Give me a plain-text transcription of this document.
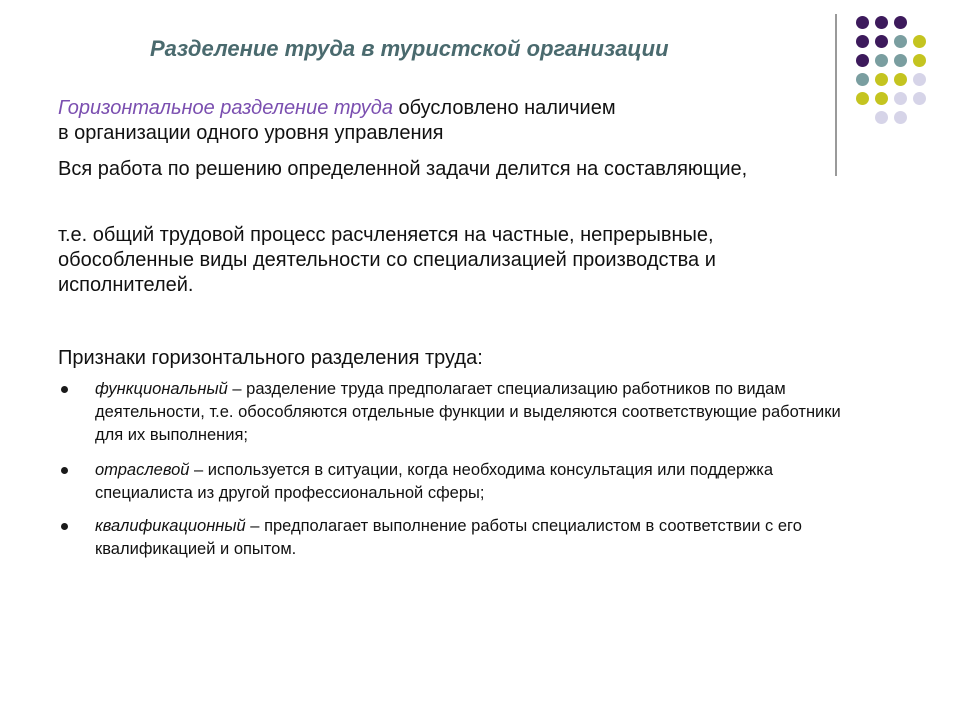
Разделение труда в туристской организации
Горизонтальное разделение труда обусловлено наличием
в организации одного уровня управления
Вся работа по решению определенной задачи делится на составляющие,
т.е. общий трудовой процесс расчленяется на частные, непрерывные, обособленные виды деятельности со специализацией производства и исполнителей.
Признаки горизонтального разделения труда:
функциональный – разделение труда предполагает специализацию работников по видам деятельности, т.е. обособляются отдельные функции и выделяются соответствующие работники для их выполнения;
отраслевой – используется в ситуации, когда необходима консультация или поддержка специалиста из другой профессиональной сферы;
квалификационный – предполагает выполнение работы специалистом в соответствии с его квалификацией и опытом.
